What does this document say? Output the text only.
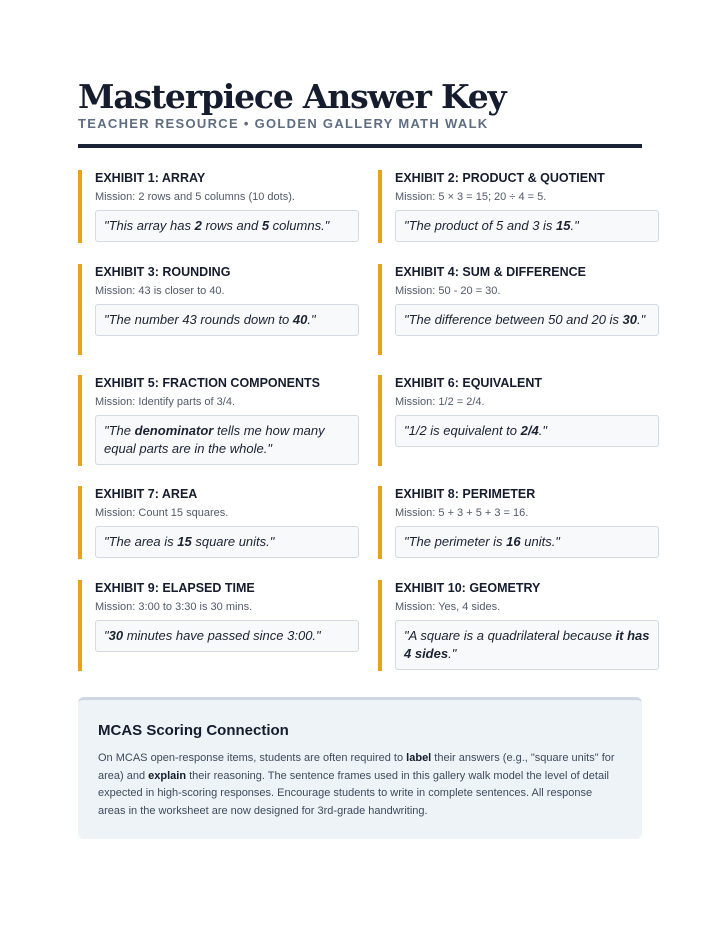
Masterpiece Answer Key
TEACHER RESOURCE • GOLDEN GALLERY MATH WALK
EXHIBIT 1: ARRAY
Mission: 2 rows and 5 columns (10 dots).
"This array has 2 rows and 5 columns."
EXHIBIT 2: PRODUCT & QUOTIENT
Mission: 5 × 3 = 15; 20 ÷ 4 = 5.
"The product of 5 and 3 is 15."
EXHIBIT 3: ROUNDING
Mission: 43 is closer to 40.
"The number 43 rounds down to 40."
EXHIBIT 4: SUM & DIFFERENCE
Mission: 50 - 20 = 30.
"The difference between 50 and 20 is 30."
EXHIBIT 5: FRACTION COMPONENTS
Mission: Identify parts of 3/4.
"The denominator tells me how many equal parts are in the whole."
EXHIBIT 6: EQUIVALENT
Mission: 1/2 = 2/4.
"1/2 is equivalent to 2/4."
EXHIBIT 7: AREA
Mission: Count 15 squares.
"The area is 15 square units."
EXHIBIT 8: PERIMETER
Mission: 5 + 3 + 5 + 3 = 16.
"The perimeter is 16 units."
EXHIBIT 9: ELAPSED TIME
Mission: 3:00 to 3:30 is 30 mins.
"30 minutes have passed since 3:00."
EXHIBIT 10: GEOMETRY
Mission: Yes, 4 sides.
"A square is a quadrilateral because it has 4 sides."
MCAS Scoring Connection
On MCAS open-response items, students are often required to label their answers (e.g., "square units" for area) and explain their reasoning. The sentence frames used in this gallery walk model the level of detail expected in high-scoring responses. Encourage students to write in complete sentences. All response areas in the worksheet are now designed for 3rd-grade handwriting.
